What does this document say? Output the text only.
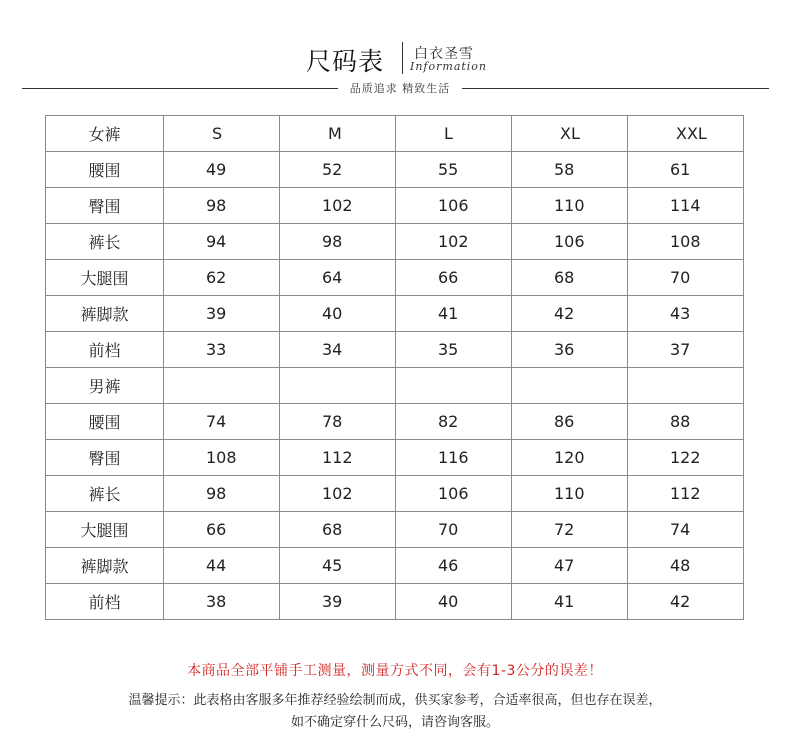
尺码表 白衣圣雪
Information
品质追求 精致生活
女裤	S	M	L	XL	XXL
腰围	49	52	55	58	61
臀围	98	102	106	110	114
裤长	94	98	102	106	108
大腿围	62	64	66	68	70
裤脚款	39	40	41	42	43
前档	33	34	35	36	37
男裤					
腰围	74	78	82	86	88
臀围	108	112	116	120	122
裤长	98	102	106	110	112
大腿围	66	68	70	72	74
裤脚款	44	45	46	47	48
前档	38	39	40	41	42
本商品全部平铺手工测量，测量方式不同，会有1-3公分的误差！
温馨提示：此表格由客服多年推荐经验绘制而成，供买家参考，合适率很高，但也存在误差，
如不确定穿什么尺码，请咨询客服。
